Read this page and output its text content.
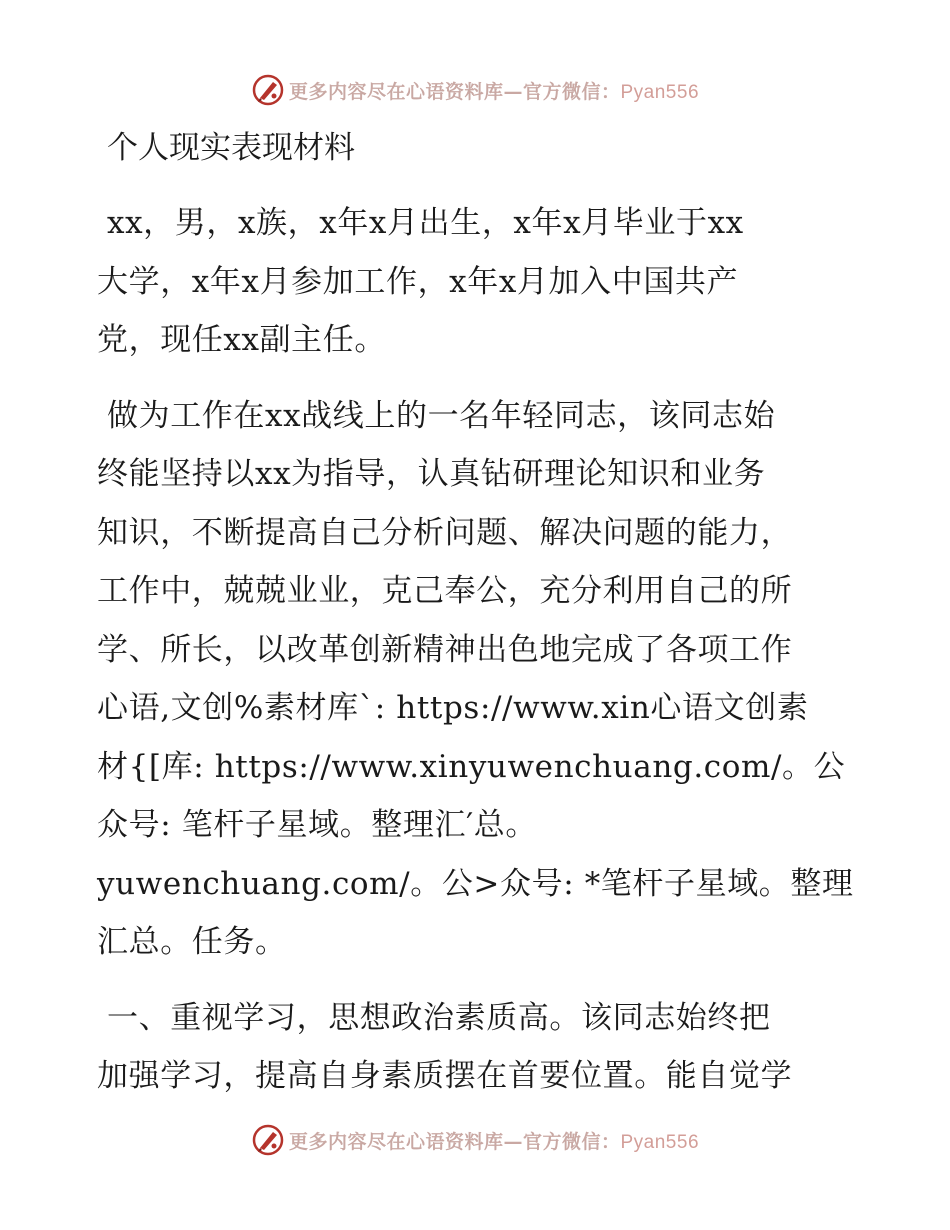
更多内容尽在心语资料库—官方微信：Pyan556
个人现实表现材料
xx，男，x族，x年x月出生，x年x月毕业于xx
大学，x年x月参加工作，x年x月加入中国共产
党，现任xx副主任。
做为工作在xx战线上的一名年轻同志，该同志始
终能坚持以xx为指导，认真钻研理论知识和业务
知识，不断提高自己分析问题、解决问题的能力，
工作中，兢兢业业，克己奉公，充分利用自己的所
学、所长，以改革创新精神出色地完成了各项工作
心语,文创%素材库`: https://www.xin心语文创素
材{[库: https://www.xinyuwenchuang.com/。公
众号: 笔杆子星域。整理汇′总。
yuwenchuang.com/。公>众号: *笔杆子星域。整理
汇总。任务。
一、重视学习，思想政治素质高。该同志始终把
加强学习，提高自身素质摆在首要位置。能自觉学
更多内容尽在心语资料库—官方微信：Pyan556
